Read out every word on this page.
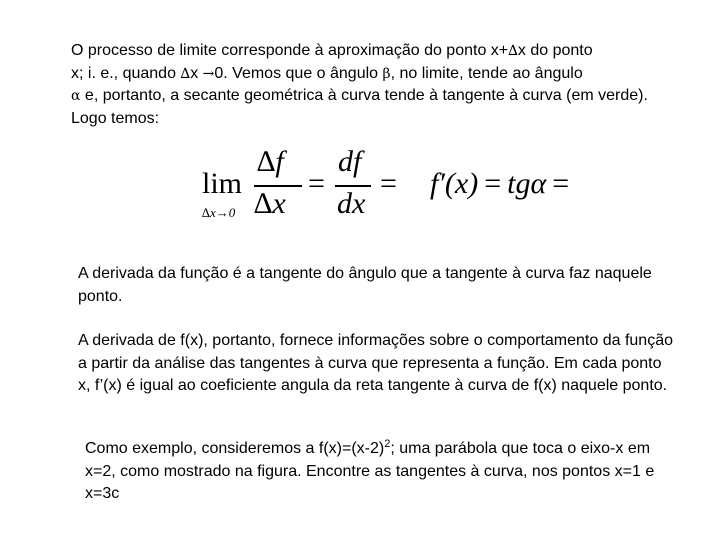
O processo de limite corresponde à aproximação do ponto x+∆x do ponto
x; i. e., quando ∆x →0. Vemos que o ângulo β, no limite, tende ao ângulo
α e, portanto, a secante geométrica à curva tende à tangente à curva (em verde). Logo temos:

lim
∆x→0
∆f
∆x
=
df
dx
= f′(x) = tgα =

A derivada da função é a tangente do ângulo que a tangente à curva faz naquele ponto.

A derivada de f(x), portanto, fornece informações sobre o comportamento da função a partir da análise das tangentes à curva que representa a função. Em cada ponto x, f’(x) é igual ao coeficiente angula da reta tangente à curva de f(x) naquele ponto.

Como exemplo, consideremos a $f(x)=(x-2)^2$; uma parábola que toca o eixo-x em x=2, como mostrado na figura. Encontre as tangentes à curva, nos pontos x=1 e x=3c
